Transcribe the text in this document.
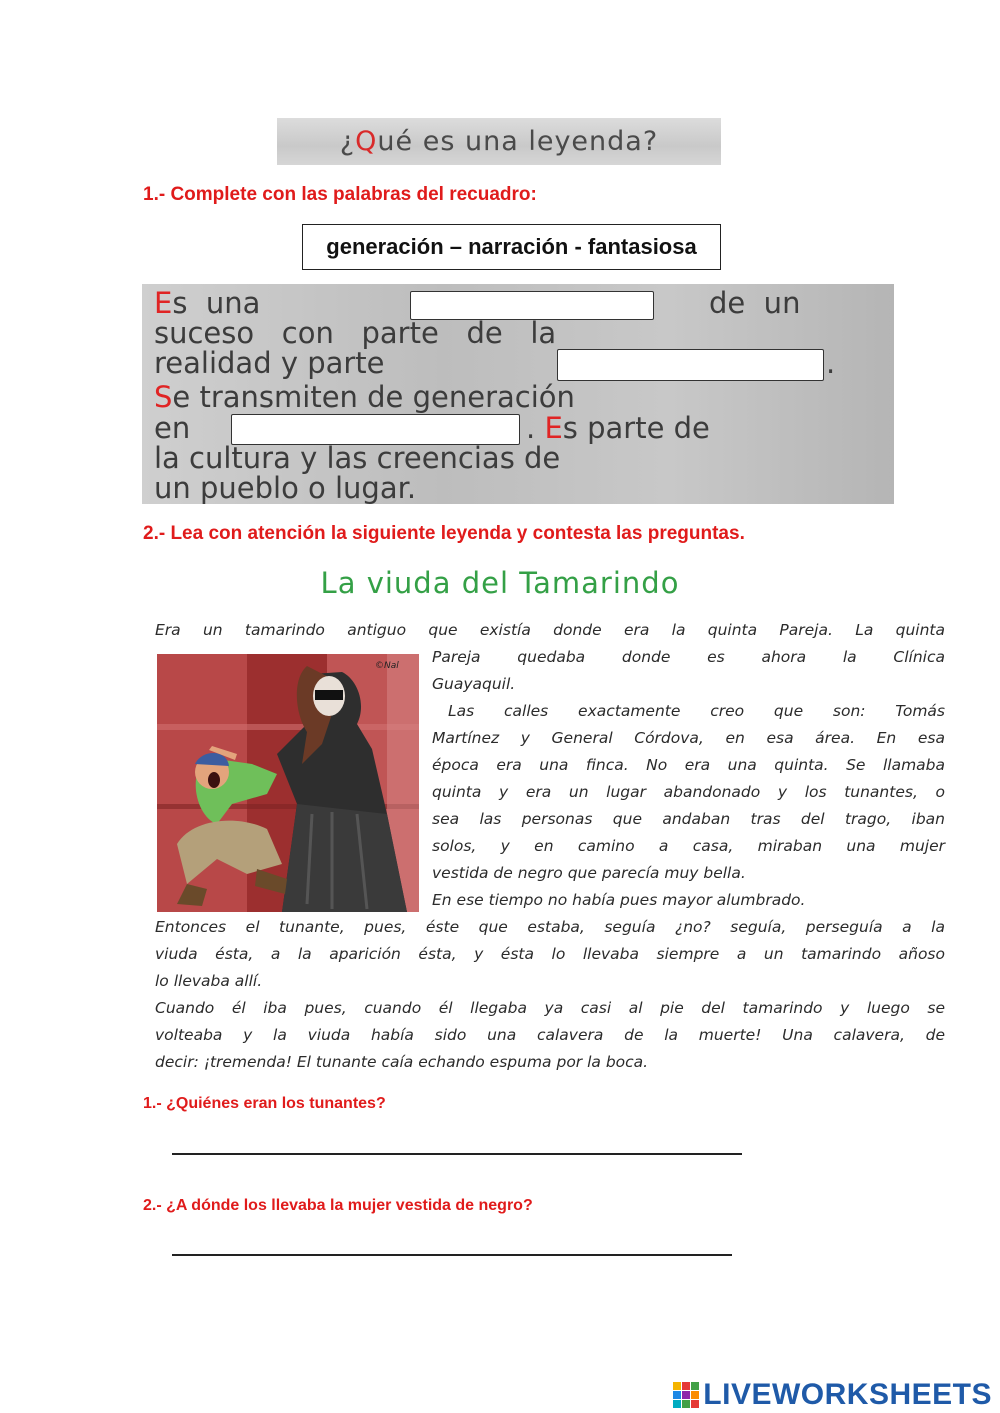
¿ Q ué es una leyenda?
1.- Complete con las palabras del recuadro:
generación – narración - fantasiosa
Es  una	de  un
suceso   con   parte   de   la
realidad y parte	.
Se transmiten de generación
en	. Es parte de
la cultura y las creencias de
un pueblo o lugar.
2.- Lea con atención la siguiente leyenda y contesta las preguntas.
La viuda del Tamarindo
©Nal
Era un tamarindo antiguo que existía donde era la quinta Pareja. La quinta
Pareja quedaba donde es ahora la Clínica
Guayaquil.
Las calles exactamente creo que son: Tomás
Martínez y General Córdova, en esa área. En esa
época era una finca. No era una quinta. Se llamaba
quinta y era un lugar abandonado y los tunantes, o
sea las personas que andaban tras del trago, iban
solos, y en camino a casa, miraban una mujer
vestida de negro que parecía muy bella.
En ese tiempo no había pues mayor alumbrado.
Entonces el tunante, pues, éste que estaba, seguía ¿no? seguía, perseguía a la
viuda ésta, a la aparición ésta, y ésta lo llevaba siempre a un tamarindo añoso
lo llevaba allí.
Cuando él iba pues, cuando él llegaba ya casi al pie del tamarindo y luego se
volteaba y la viuda había sido una calavera de la muerte! Una calavera, de
decir: ¡tremenda! El tunante caía echando espuma por la boca.
1.- ¿Quiénes eran los tunantes?
2.- ¿A dónde los llevaba la mujer vestida de negro?
LIVEWORKSHEETS
